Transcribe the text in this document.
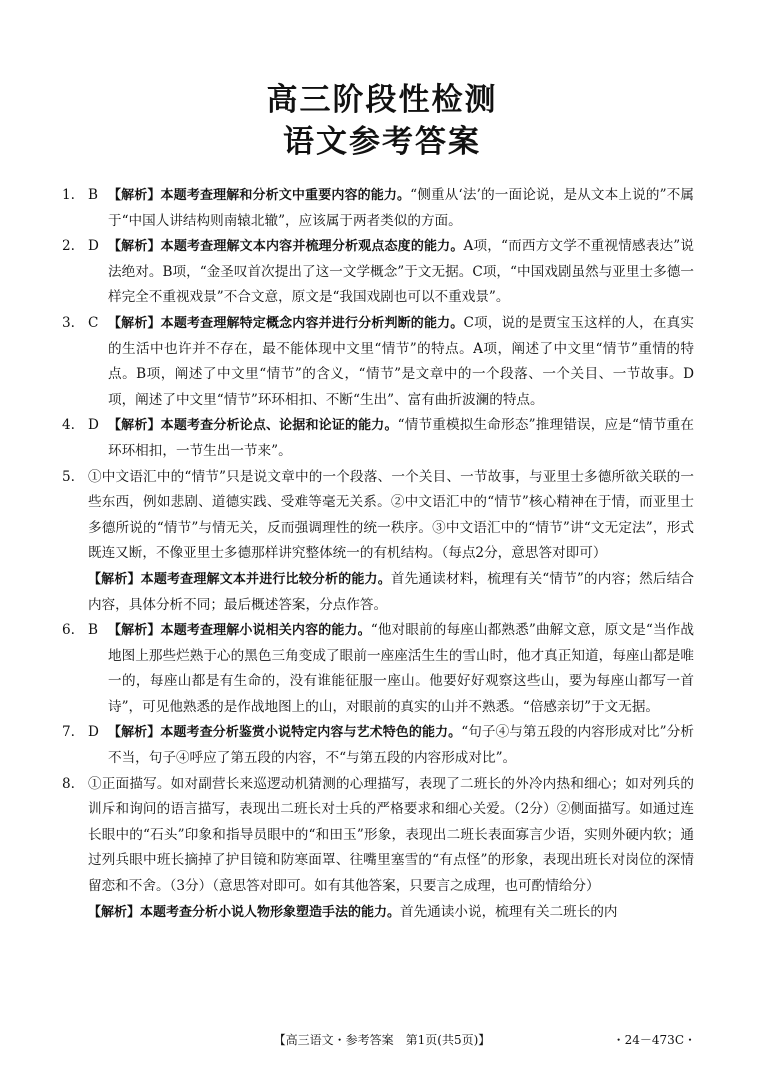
高三阶段性检测
语文参考答案
1. B 【解析】本题考查理解和分析文中重要内容的能力。“侧重从‘法’的一面论说，是从文本上说的”不属于“中国人讲结构则南辕北辙”，应该属于两者类似的方面。
2. D 【解析】本题考查理解文本内容并梳理分析观点态度的能力。A项，“而西方文学不重视情感表达”说法绝对。B项，“金圣叹首次提出了这一文学概念”于文无据。C项，“中国戏剧虽然与亚里士多德一样完全不重视戏景”不合文意，原文是“我国戏剧也可以不重戏景”。
3. C 【解析】本题考查理解特定概念内容并进行分析判断的能力。C项，说的是贾宝玉这样的人，在真实的生活中也许并不存在，最不能体现中文里“情节”的特点。A项，阐述了中文里“情节”重情的特点。B项，阐述了中文里“情节”的含义，“情节”是文章中的一个段落、一个关目、一节故事。D项，阐述了中文里“情节”环环相扣、不断“生出”、富有曲折波澜的特点。
4. D 【解析】本题考查分析论点、论据和论证的能力。“情节重模拟生命形态”推理错误，应是“情节重在环环相扣，一节生出一节来”。
5. ①中文语汇中的“情节”只是说文章中的一个段落、一个关目、一节故事，与亚里士多德所欲关联的一些东西，例如悲剧、道德实践、受难等毫无关系。②中文语汇中的“情节”核心精神在于情，而亚里士多德所说的“情节”与情无关，反而强调理性的统一秩序。③中文语汇中的“情节”讲“文无定法”，形式既连又断，不像亚里士多德那样讲究整体统一的有机结构。（每点2分，意思答对即可）
【解析】本题考查理解文本并进行比较分析的能力。首先通读材料，梳理有关“情节”的内容；然后结合内容，具体分析不同；最后概述答案，分点作答。
6. B 【解析】本题考查理解小说相关内容的能力。“他对眼前的每座山都熟悉”曲解文意，原文是“当作战地图上那些烂熟于心的黑色三角变成了眼前一座座活生生的雪山时，他才真正知道，每座山都是唯一的，每座山都是有生命的，没有谁能征服一座山。他要好好观察这些山，要为每座山都写一首诗”，可见他熟悉的是作战地图上的山，对眼前的真实的山并不熟悉。“倍感亲切”于文无据。
7. D 【解析】本题考查分析鉴赏小说特定内容与艺术特色的能力。“句子④与第五段的内容形成对比”分析不当，句子④呼应了第五段的内容，不“与第五段的内容形成对比”。
8. ①正面描写。如对副营长来巡逻动机猜测的心理描写，表现了二班长的外冷内热和细心；如对列兵的训斥和询问的语言描写，表现出二班长对士兵的严格要求和细心关爱。（2分）②侧面描写。如通过连长眼中的“石头”印象和指导员眼中的“和田玉”形象，表现出二班长表面寡言少语，实则外硬内软；通过列兵眼中班长摘掉了护目镜和防寒面罩、往嘴里塞雪的“有点怪”的形象，表现出班长对岗位的深情留恋和不舍。（3分）（意思答对即可。如有其他答案，只要言之成理，也可酌情给分）
【解析】本题考查分析小说人物形象塑造手法的能力。首先通读小说，梳理有关二班长的内
【高三语文・参考答案　第1页(共5页)】	・24－473C・
